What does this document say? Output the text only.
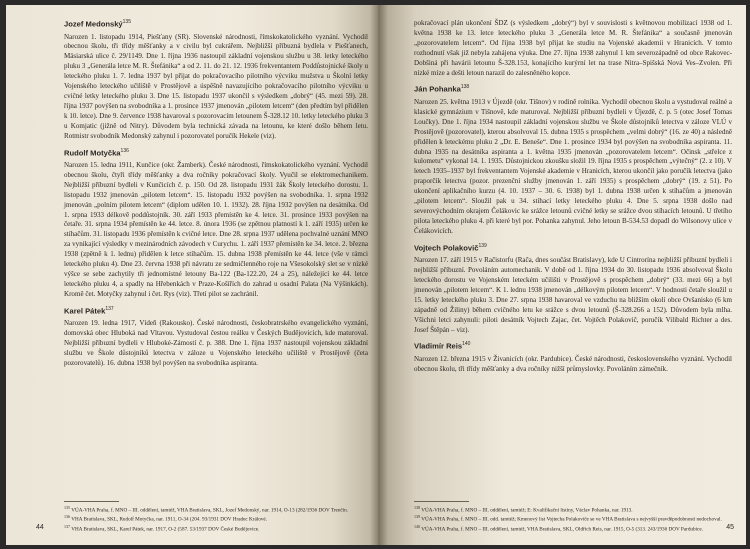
Jozef Medonský$^{135}$

Narozen 1. listopadu 1914, Piešťany (SR). Slovenské národnosti, římskokatolického vyznání. Vychodil obecnou školu, tři třídy měšťanky a v civilu byl cukrářem. Nejbližší příbuzná bydlela v Piešťanech, Mäsiarská ulice č. 29/1149. Dne 1. října 1936 nastoupil základní vojenskou službu u 38. letky leteckého pluku 3 „Generála letce M. R. Štefánika“ a od 2. 11. do 21. 12. 1936 frekventantem Poddůstojnické školy u leteckého pluku 1. 7. ledna 1937 byl přijat do pokračovacího pilotního výcviku mužstva u Školní letky Vojenského leteckého učiliště v Prostějově a úspěšně navazujícího pokračovacího pilotního výcviku u cvičné letky leteckého pluku 3. Dne 15. listopadu 1937 ukončil s výsledkem „dobrý“ (45. mezi 59). 28. října 1937 povýšen na svobodníka a 1. prosince 1937 jmenován „pilotem letcem“ (den předtím byl přidělen k 10. letce). Dne 9. července 1938 havaroval s pozorovacím letounem Š-328.12 10. letky leteckého pluku 3 u Komjatic (jižně od Nitry). Důvodem byla technická závada na letounu, ke které došlo během letu. Rotmistr svobodník Medonský zahynul i pozorovatel poručík Hekele (viz).

Rudolf Motyčka$^{136}$

Narozen 15. ledna 1911, Kunčice (okr. Žamberk). České národnosti, římskokatolického vyznání. Vychodil obecnou školu, čtyři třídy měšťanky a dva ročníky pokračovací školy. Vyučil se elektromechanikem. Nejbližší příbuzní bydleli v Kunčicích č. p. 150. Od 28. listopadu 1931 žák Školy leteckého dorostu. 1. listopadu 1932 jmenován „pilotem letcem“. 15. listopadu 1932 povýšen na svobodníka. 1. srpna 1932 jmenován „polním pilotem letcem“ (diplom udělen 10. 1. 1932). 28. října 1932 povýšen na desátníka. Od 1. srpna 1933 délkově poddůstojník. 30. září 1933 přemístěn ke 4. letce. 31. prosince 1933 povýšen na četaře. 31. srpna 1934 přemístěn ke 44. letce. 8. února 1936 (se zpětnou platností k 1. září 1935) určen ke stíhačům. 31. listopadu 1936 přemístěn k cvičné letce. Dne 28. srpna 1937 udělena pochvalné uznání MNO za vynikající výsledky v mezinárodních závodech v Curychu. 1. září 1937 přemístěn ke 34. letce. 2. března 1938 (zpětně k 1. lednu) přidělen k letce stíhačům. 15. dubna 1938 přemístěn ke 44. letce (vše v rámci leteckého pluku 4). Dne 23. června 1938 při návratu ze sedmičlenného roje na Všesokolský slet se v nízké výšce se sebe zachytily tři jednomístné letouny Ba-122 (Ba-122.20, 24 a 25), náležející ke 44. letce leteckého pluku 4, a spadly na Hřebenkách v Praze-Košířích do zahrad u osadní Palata (Na Výšinkách). Kromě čet. Motyčky zahynul i čet. Rys (viz). Třetí pilot se zachránil.

Karel Pátek$^{137}$

Narozen 19. ledna 1917, Vídeň (Rakousko). České národnosti, českobratrského evangelického vyznání, domovská obec Hluboká nad Vltavou. Vystudoval čestou reálku v Českých Budějovicích, kde maturoval. Nejbližší příbuzní bydleli v Hluboké-Zámostí č. p. 388. Dne 1. října 1937 nastoupil vojenskou základní službu ve Škole důstojníků letectva v záloze u Vojenského leteckého učiliště v Prostějově (četa pozorovatelů). 16. dubna 1938 byl povýšen na svobodníka aspiranta.

$^{135}$ VÚA-VHA Praha, f. MNO – III. oddělení, tamtéž, VHA Bratislava, SKL, Jozef Medonský, nar. 1914, O-13 (282/1936 DOV Trenčín.

$^{136}$ VHA Bratislava, SKL, Rudolf Motyčka, nar. 1911, O-34 (204. 93/1931 DOV Hradec Králové.

$^{137}$ VHA Bratislava, SKL, Karel Pátek, nar. 1917, O-2 (587. 53/1937 DOV České Budějovice.

44

pokračovací plán ukončení ŠDZ (s výsledkem „dobrý“) byl v souvislosti s květnovou mobilizací 1938 od 1. května 1938 ke 13. letce leteckého pluku 3 „Generála letce M. R. Štefánika“ a současně jmenován „pozorovatelem letcem“. Od října 1938 byl přijat ke studiu na Vojenské akademii v Hranicích. V tomto rozhodnutí však již nebyla zahájena výuka. Dne 27. října 1938 zahynul 1 km severozápadně od obce Rakovec-Dobšiná při havárii letounu Š-328.153, konajícího kurýrní let na trase Nitra–Spišská Nová Ves–Zvolen. Při nízké míze a dešti letoun narazil do zalesněného kopce.

Ján Pohanka$^{138}$

Narozen 25. května 1913 v Újezdě (okr. Tišnov) v rodině rolníka. Vychodil obecnou školu a vystudoval reálné a klasické gymnázium v Tišnově, kde maturoval. Nejbližší příbuzní bydleli v Újezdě, č. p. 5 (otec Josef Tomas Loučky). Dne 1. října 1934 nastoupil základní vojenskou službu ve Škole důstojníků letectva v záloze VLÚ v Prostějově (pozorovatel), kterou absolvoval 15. dubna 1935 s prospěchem „velmi dobrý“ (16. ze 40) a následně přidělen k leteckému pluku 2 „Dr. E. Beneše“. Dne 1. prosince 1934 byl povýšen na svobodníka aspiranta. 11. dubna 1935 na desátníka aspiranta a 1. května 1935 jmenován „pozorovatelem letcem“. Očinsk „střelce z kulometu“ vykonal 14. 1. 1935. Důstojnickou zkoušku složil 19. října 1935 s prospěchem „výtečný“ (2. z 10). V letech 1935–1937 byl frekventantem Vojenské akademie v Hranicích, kterou ukončil jako poručík letectva (jako praporčík letectva (pozor. prezenční služby jmenován 1. září 1935) s prospěchem „dobrý“ (19. z 51). Po ukončení aplikačního kurzu (4. 10. 1937 – 30. 6. 1938) byl 1. dubna 1938 určen k stíhačům a jmenován „pilotem letcem“. Sloužil pak u 34. stíhací letky leteckého pluku 4. Dne 5. srpna 1938 došlo nad severovýchodním okrajem Čelákovic ke srážce letounů cvičné letky se srážce dvou stíhacích letounů. U třetího pilota leteckého pluku 4. při které byl por. Pohanka zahynul. Jeho letoun B-534.53 dopadl do Wilsonovy ulice v Čelákovicích.

Vojtech Polakovič$^{139}$

Narozen 17. září 1915 v Račistorfu (Rača, dnes součást Bratislavy), kde U Cintrorína nejbližší příbuzní bydleli i nejbližší příbuzní. Povoláním automechanik. V době od 1. října 1934 do 30. listopadu 1936 absolvoval Školu leteckého dorostu ve Vojenském leteckém učilišti v Prostějově s prospěchem „dobrý“ (33. mezi 66) a byl jmenován „pilotem letcem“. K 1. lednu 1938 jmenován „délkovým pilotem letcem“. V hodnosti četaře sloužil u 15. letky leteckého pluku 3. Dne 27. srpna 1938 havaroval ve vzduchu na bližším okolí obce Ovšanisko (6 km západně od Žiliny) během cvičného letu ke srážce s dvou letounů (Š-328.266 a 152). Důvodem byla mlha. Všichni letci zahynuli: piloti desátník Vojtech Zajac, čet. Vojtěch Polakovič, poručík Vilibald Richter a des. Josef Štěpán – viz).

Vladimír Reis$^{140}$

Narozen 12. března 1915 v Živanicích (okr. Pardubice). České národnosti, československého vyznání. Vychodil obecnou školu, tři třídy měšťanky a dva ročníky nižší průmyslovky. Povoláním zámečník.

$^{138}$ VÚA-VHA Praha, f. MNO – III. oddělení, tamtéž; E: Kvalifikační listiny, Václav Pohanka, nar. 1913.

$^{139}$ VÚA-VHA Praha, f. MNO – III. odd. tamtéž; Kmenový list Vojtecha Polakoviče se ve VHA Bratislava s nejvyšší pravděpodobností nedochoval.

$^{140}$ VÚA-VHA Praha, f. MNO – III. oddělení, tamtéž, VHA Bratislava, SKL, Oldřich Reis, nar. 1915, O-5 (313. 243/1936 DOV Pardubice.	45
